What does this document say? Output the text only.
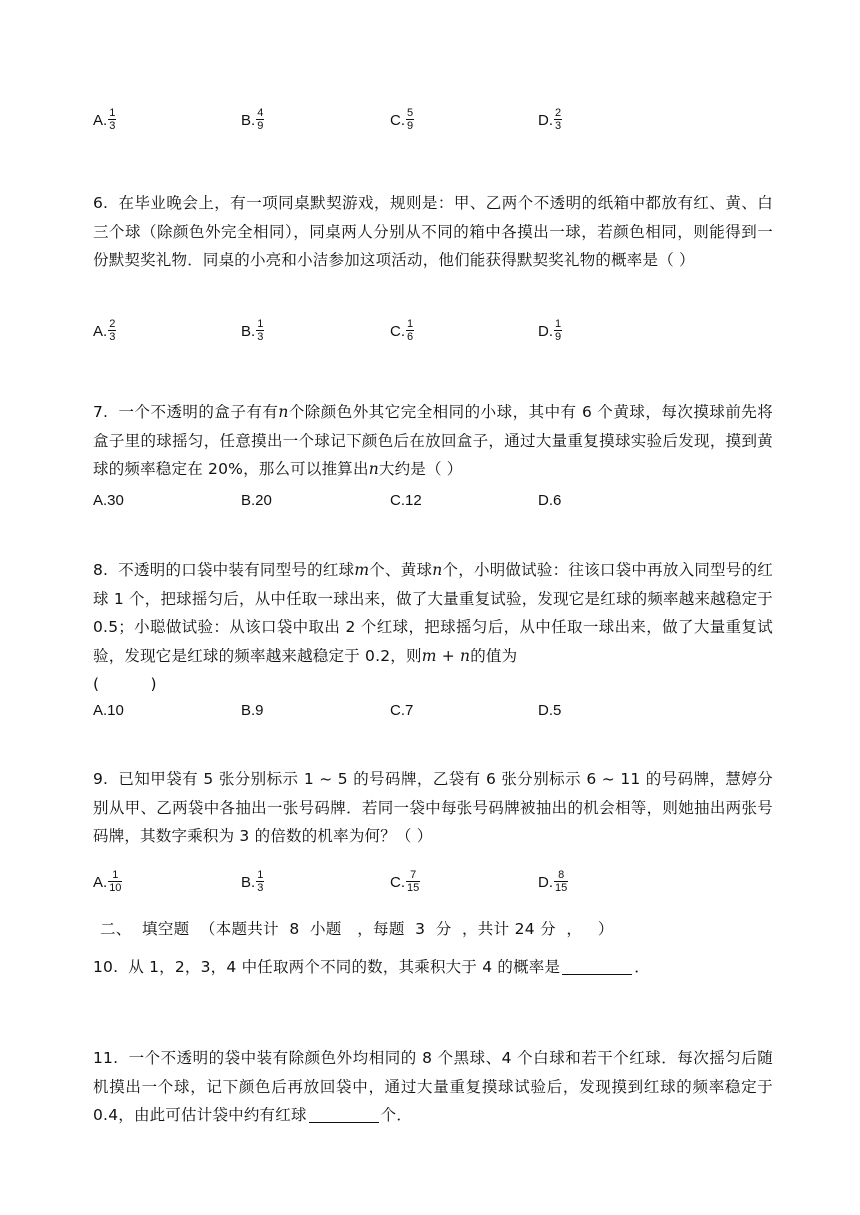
A. $\frac{1}{3}$	B. $\frac{4}{9}$	C. $\frac{5}{9}$	D. $\frac{2}{3}$
6. 在毕业晚会上，有一项同桌默契游戏，规则是：甲、乙两个不透明的纸箱中都放有红、黄、白三个球（除颜色外完全相同），同桌两人分别从不同的箱中各摸出一球，若颜色相同，则能得到一份默契奖礼物．同桌的小亮和小洁参加这项活动，他们能获得默契奖礼物的概率是（ ）
A. $\frac{2}{3}$	B. $\frac{1}{3}$	C. $\frac{1}{6}$	D. $\frac{1}{9}$
7. 一个不透明的盒子有有n个除颜色外其它完全相同的小球，其中有 6 个黄球，每次摸球前先将盒子里的球摇匀，任意摸出一个球记下颜色后在放回盒子，通过大量重复摸球实验后发现，摸到黄球的频率稳定在 20%，那么可以推算出n大约是（ ）
A.30	B.20	C.12	D.6
8. 不透明的口袋中装有同型号的红球m个、黄球n个，小明做试验：往该口袋中再放入同型号的红球 1 个，把球摇匀后，从中任取一球出来，做了大量重复试验，发现它是红球的频率越来越稳定于 0.5；小聪做试验：从该口袋中取出 2 个红球，把球摇匀后，从中任取一球出来，做了大量重复试验，发现它是红球的频率越来越稳定于 0.2，则m + n的值为
(          )
A.10	B.9	C.7	D.5
9. 已知甲袋有 5 张分别标示 1 ~ 5 的号码牌，乙袋有 6 张分别标示 6 ~ 11 的号码牌，慧婷分别从甲、乙两袋中各抽出一张号码牌．若同一袋中每张号码牌被抽出的机会相等，则她抽出两张号码牌，其数字乘积为 3 的倍数的机率为何？（ ）
A. $\frac{1}{10}$	B. $\frac{1}{3}$	C. $\frac{7}{15}$	D. $\frac{8}{15}$
二、  填空题  （本题共计  8  小题   ，每题  3  分  ，共计 24 分  ，   ）
10. 从 1，2，3，4 中任取两个不同的数，其乘积大于 4 的概率是	．
11. 一个不透明的袋中装有除颜色外均相同的 8 个黑球、4 个白球和若干个红球．每次摇匀后随机摸出一个球，记下颜色后再放回袋中，通过大量重复摸球试验后，发现摸到红球的频率稳定于 0.4，由此可估计袋中约有红球	个．
